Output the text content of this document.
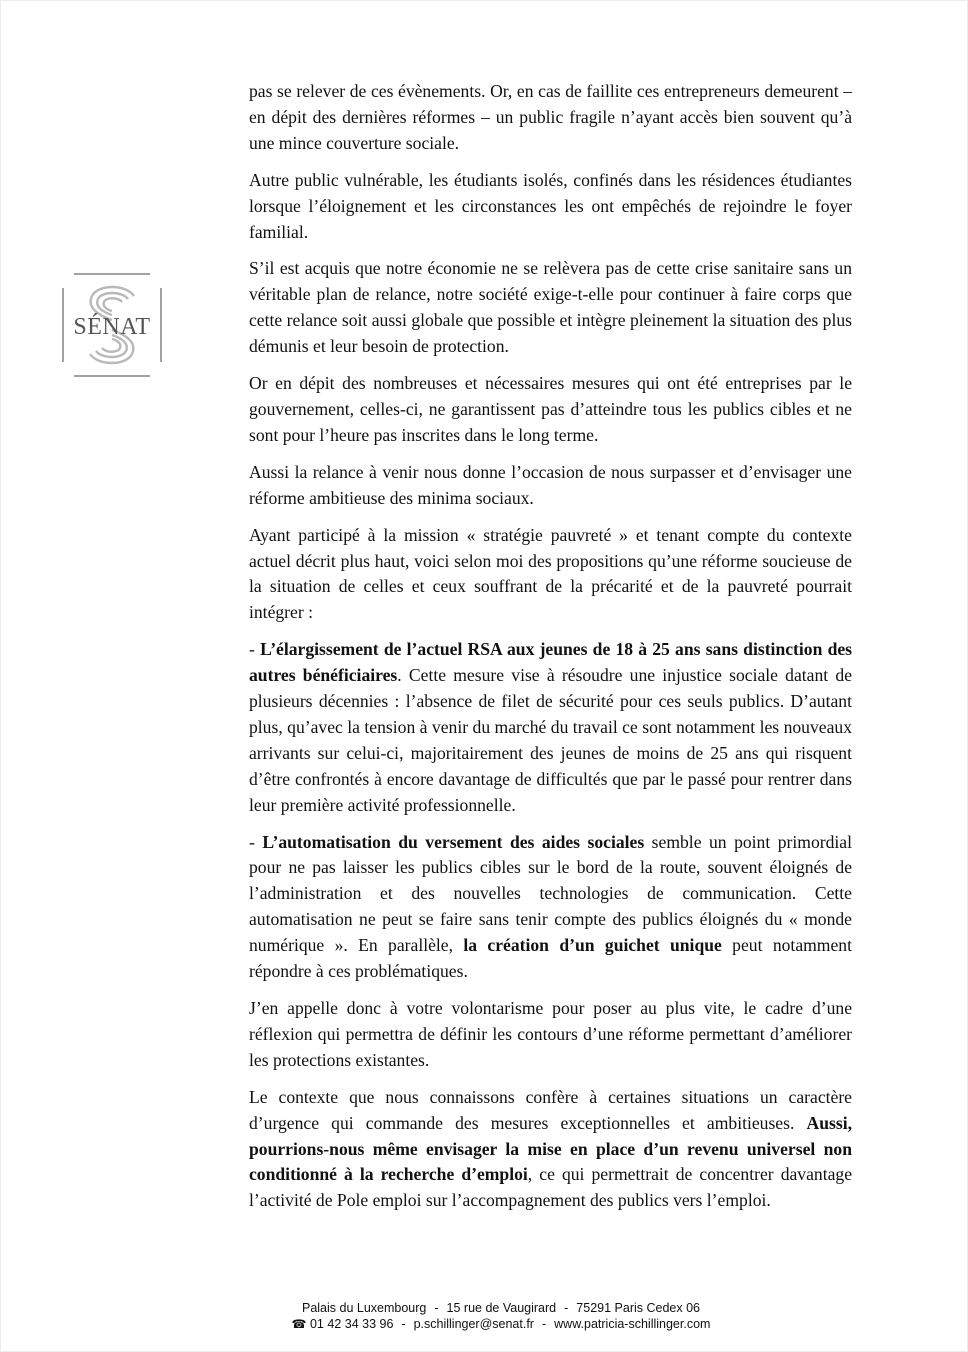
SÉNAT

pas se relever de ces évènements. Or, en cas de faillite ces entrepreneurs demeurent – en dépit des dernières réformes – un public fragile n’ayant accès bien souvent qu’à une mince couverture sociale.

Autre public vulnérable, les étudiants isolés, confinés dans les résidences étudiantes lorsque l’éloignement et les circonstances les ont empêchés de rejoindre le foyer familial.

S’il est acquis que notre économie ne se relèvera pas de cette crise sanitaire sans un véritable plan de relance, notre société exige-t-elle pour continuer à faire corps que cette relance soit aussi globale que possible et intègre pleinement la situation des plus démunis et leur besoin de protection.

Or en dépit des nombreuses et nécessaires mesures qui ont été entreprises par le gouvernement, celles-ci, ne garantissent pas d’atteindre tous les publics cibles et ne sont pour l’heure pas inscrites dans le long terme.

Aussi la relance à venir nous donne l’occasion de nous surpasser et d’envisager une réforme ambitieuse des minima sociaux.

Ayant participé à la mission « stratégie pauvreté » et tenant compte du contexte actuel décrit plus haut, voici selon moi des propositions qu’une réforme soucieuse de la situation de celles et ceux souffrant de la précarité et de la pauvreté pourrait intégrer :

- L’élargissement de l’actuel RSA aux jeunes de 18 à 25 ans sans distinction des autres bénéficiaires. Cette mesure vise à résoudre une injustice sociale datant de plusieurs décennies : l’absence de filet de sécurité pour ces seuls publics. D’autant plus, qu’avec la tension à venir du marché du travail ce sont notamment les nouveaux arrivants sur celui-ci, majoritairement des jeunes de moins de 25 ans qui risquent d’être confrontés à encore davantage de difficultés que par le passé pour rentrer dans leur première activité professionnelle.

- L’automatisation du versement des aides sociales semble un point primordial pour ne pas laisser les publics cibles sur le bord de la route, souvent éloignés de l’administration et des nouvelles technologies de communication. Cette automatisation ne peut se faire sans tenir compte des publics éloignés du « monde numérique ». En parallèle, la création d’un guichet unique peut notamment répondre à ces problématiques.

J’en appelle donc à votre volontarisme pour poser au plus vite, le cadre d’une réflexion qui permettra de définir les contours d’une réforme permettant d’améliorer les protections existantes.

Le contexte que nous connaissons confère à certaines situations un caractère d’urgence qui commande des mesures exceptionnelles et ambitieuses. Aussi, pourrions-nous même envisager la mise en place d’un revenu universel non conditionné à la recherche d’emploi, ce qui permettrait de concentrer davantage l’activité de Pole emploi sur l’accompagnement des publics vers l’emploi.

Palais du Luxembourg - 15 rue de Vaugirard - 75291 Paris Cedex 06
☎ 01 42 34 33 96 - p.schillinger@senat.fr - www.patricia-schillinger.com
